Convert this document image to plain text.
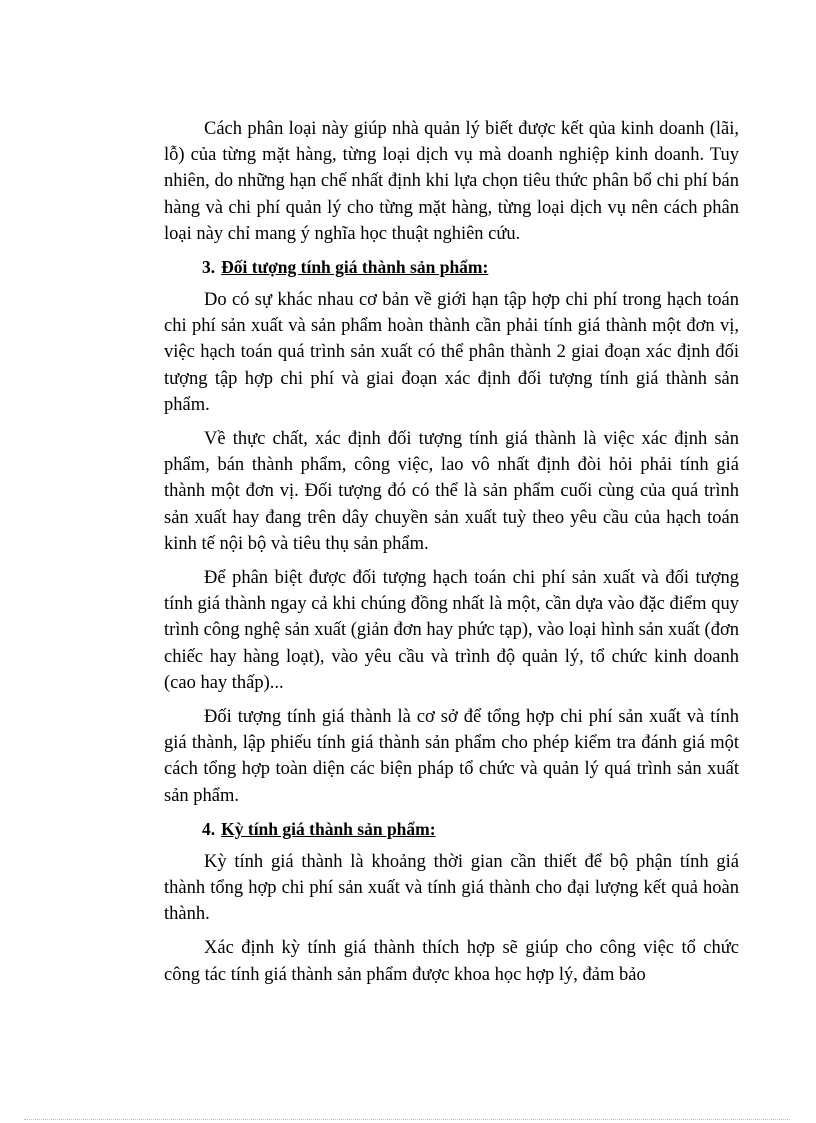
Cách phân loại này giúp nhà quản lý biết được kết qủa kinh doanh (lãi, lỗ) của từng mặt hàng, từng loại dịch vụ mà doanh nghiệp kinh doanh. Tuy nhiên, do những hạn chế nhất định khi lựa chọn tiêu thức phân bổ chi phí bán hàng và chi phí quản lý cho từng mặt hàng, từng loại dịch vụ nên cách phân loại này chỉ mang ý nghĩa học thuật nghiên cứu.

3. Đối tượng tính giá thành sản phẩm:

Do có sự khác nhau cơ bản về giới hạn tập hợp chi phí trong hạch toán chi phí sản xuất và sản phẩm hoàn thành cần phải tính giá thành một đơn vị, việc hạch toán quá trình sản xuất có thể phân thành 2 giai đoạn xác định đối tượng tập hợp chi phí và giai đoạn xác định đối tượng tính giá thành sản phẩm.

Về thực chất, xác định đối tượng tính giá thành là việc xác định sản phẩm, bán thành phẩm, công việc, lao vô nhất định đòi hỏi phải tính giá thành một đơn vị. Đối tượng đó có thể là sản phẩm cuối cùng của quá trình sản xuất hay đang trên dây chuyền sản xuất tuỳ theo yêu cầu của hạch toán kinh tế nội bộ và tiêu thụ sản phẩm.

Để phân biệt được đối tượng hạch toán chi phí sản xuất và đối tượng tính giá thành ngay cả khi chúng đồng nhất là một, cần dựa vào đặc điểm quy trình công nghệ sản xuất (giản đơn hay phức tạp), vào loại hình sản xuất (đơn chiếc hay hàng loạt), vào yêu cầu và trình độ quản lý, tổ chức kinh doanh (cao hay thấp)...

Đối tượng tính giá thành là cơ sở để tổng hợp chi phí sản xuất và tính giá thành, lập phiếu tính giá thành sản phẩm cho phép kiểm tra đánh giá một cách tổng hợp toàn diện các biện pháp tổ chức và quản lý quá trình sản xuất sản phẩm.

4. Kỳ tính giá thành sản phẩm:

Kỳ tính giá thành là khoảng thời gian cần thiết để bộ phận tính giá thành tổng hợp chi phí sản xuất và tính giá thành cho đại lượng kết quả hoàn thành.

Xác định kỳ tính giá thành thích hợp sẽ giúp cho công việc tổ chức công tác tính giá thành sản phẩm được khoa học hợp lý, đảm bảo
